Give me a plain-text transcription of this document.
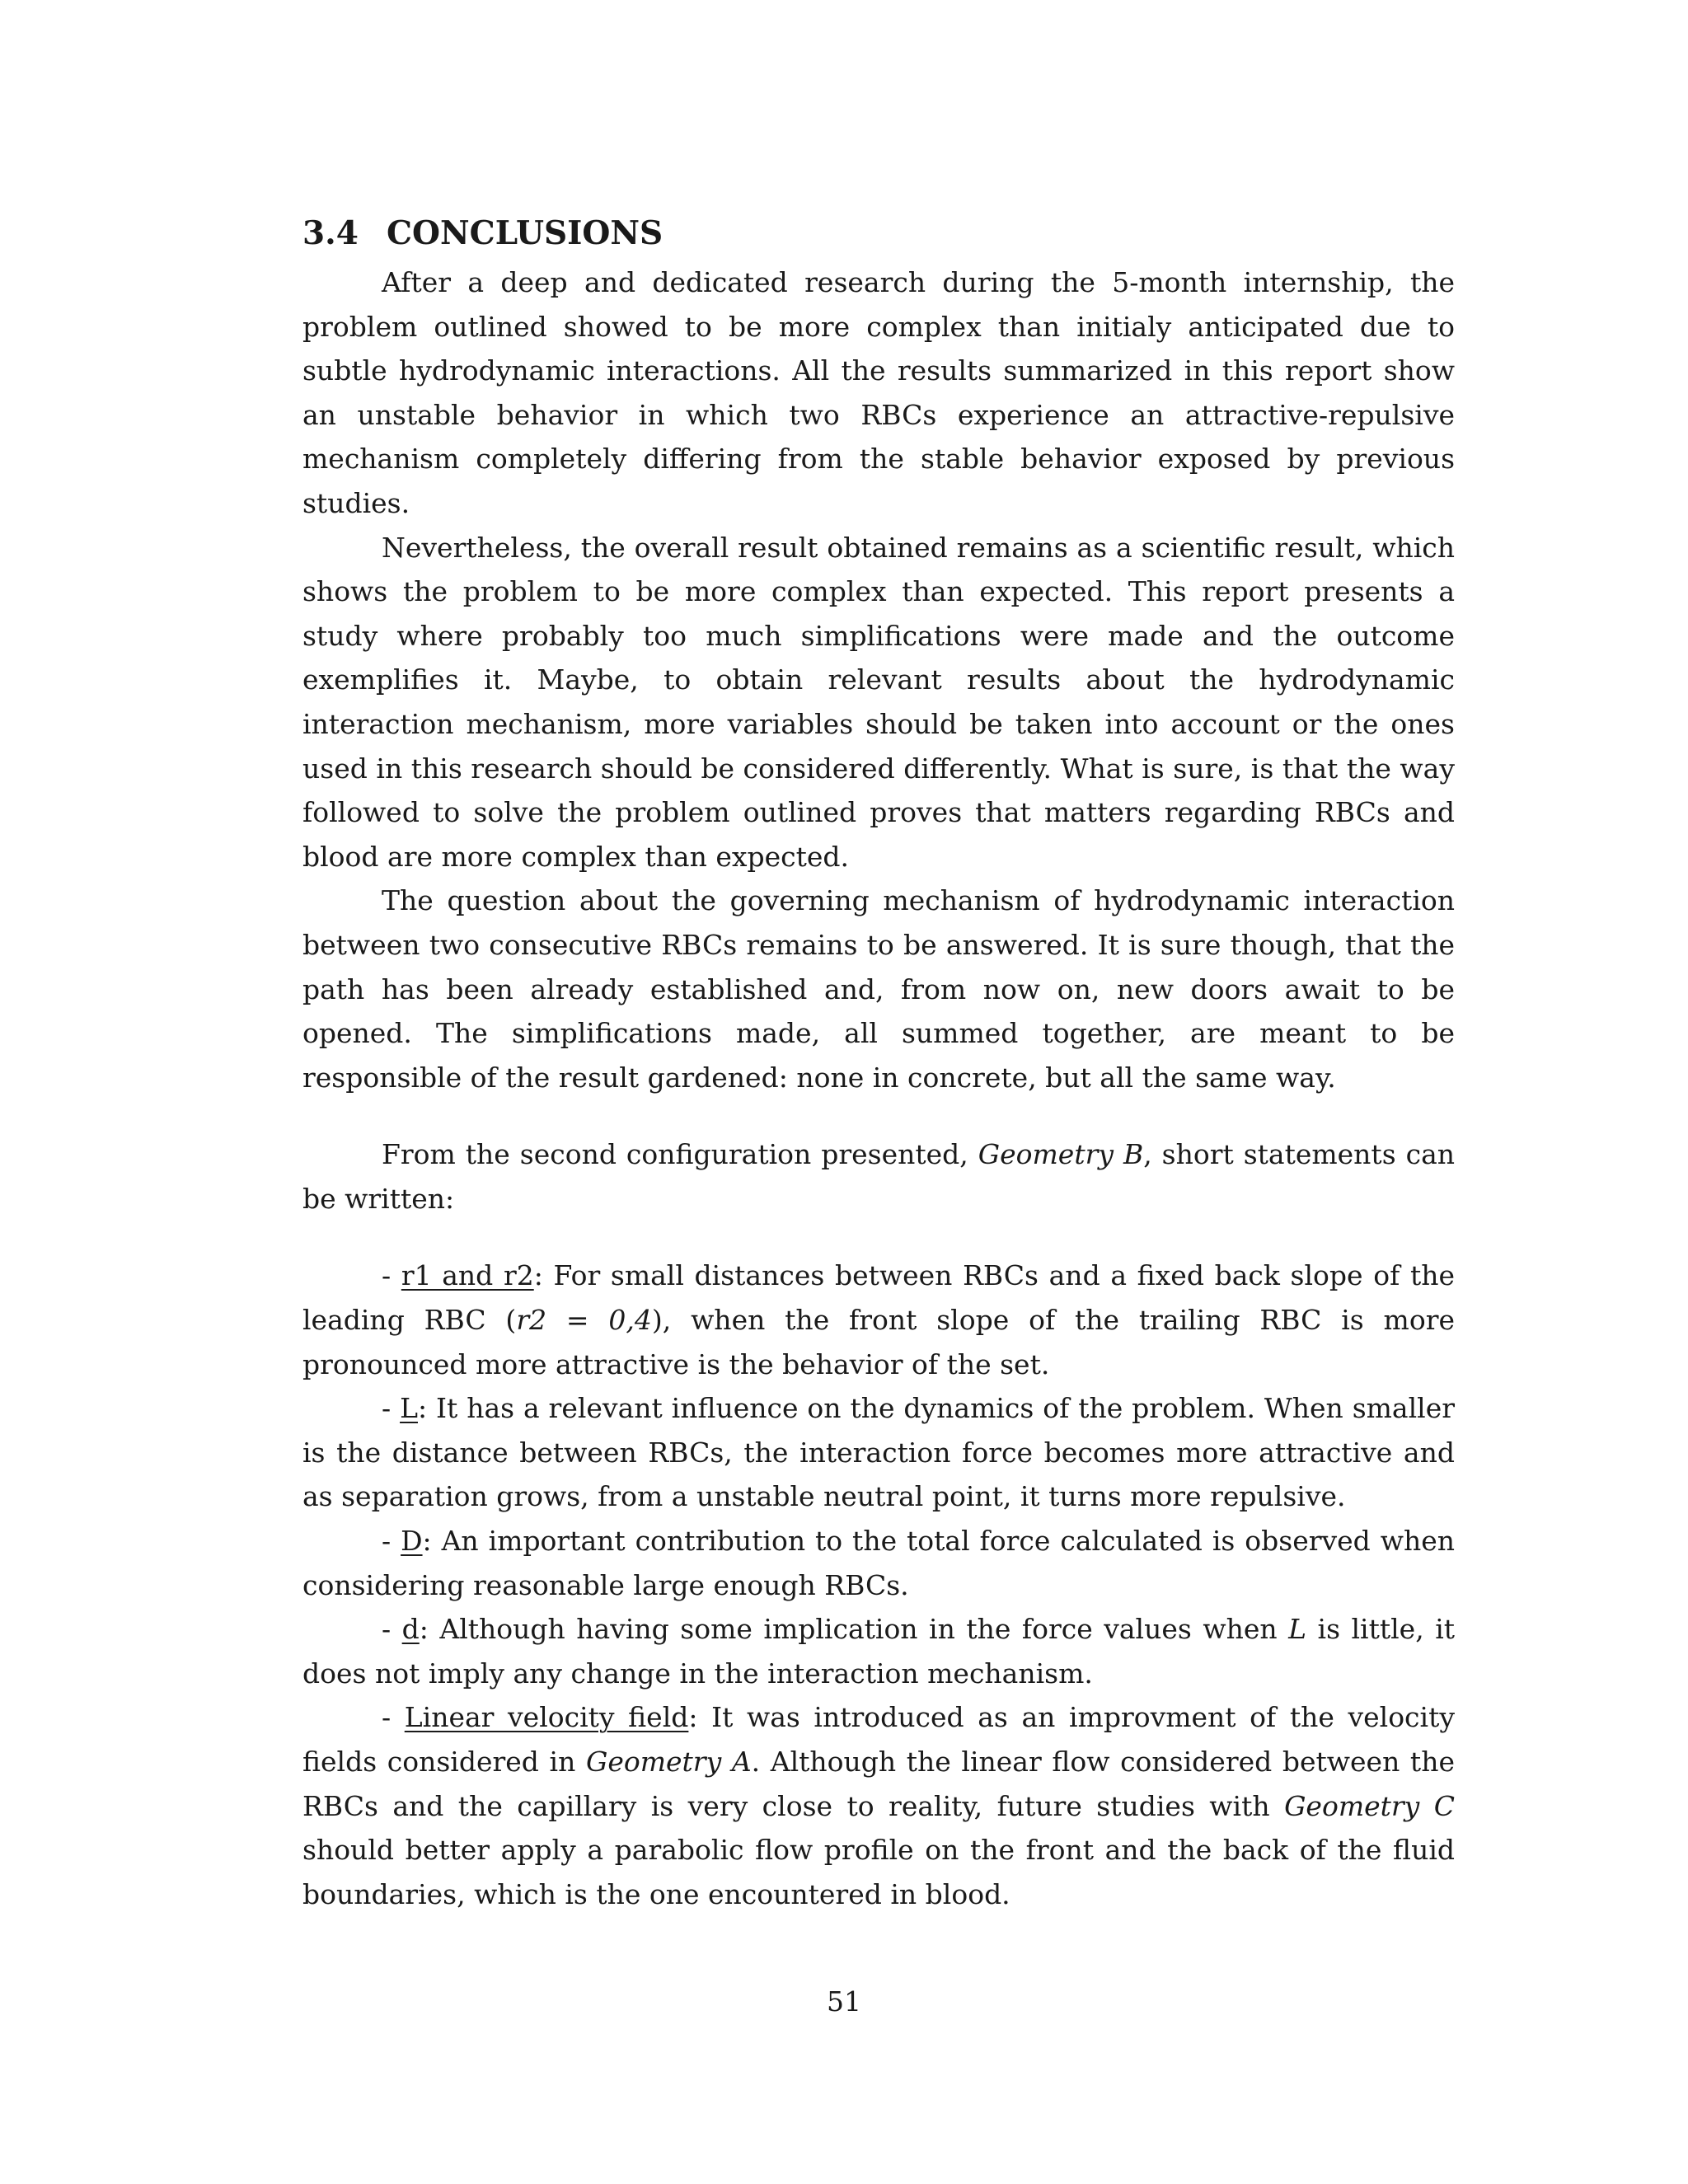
3.4 CONCLUSIONS

After a deep and dedicated research during the 5-month internship, the problem outlined showed to be more complex than initialy anticipated due to subtle hydrodynamic interactions. All the results summarized in this report show an unstable behavior in which two RBCs experience an attractive-repulsive mechanism completely differing from the stable behavior exposed by previous studies.

Nevertheless, the overall result obtained remains as a scientific result, which shows the problem to be more complex than expected. This report presents a study where probably too much simplifications were made and the outcome exemplifies it. Maybe, to obtain relevant results about the hydrodynamic interaction mechanism, more variables should be taken into account or the ones used in this research should be considered differently. What is sure, is that the way followed to solve the problem outlined proves that matters regarding RBCs and blood are more complex than expected.

The question about the governing mechanism of hydrodynamic interaction between two consecutive RBCs remains to be answered. It is sure though, that the path has been already established and, from now on, new doors await to be opened. The simplifications made, all summed together, are meant to be responsible of the result gardened: none in concrete, but all the same way.

From the second configuration presented, Geometry B, short statements can be written:

- r1 and r2: For small distances between RBCs and a fixed back slope of the leading RBC (r2 = 0,4), when the front slope of the trailing RBC is more pronounced more attractive is the behavior of the set.

- L: It has a relevant influence on the dynamics of the problem. When smaller is the distance between RBCs, the interaction force becomes more attractive and as separation grows, from a unstable neutral point, it turns more repulsive.

- D: An important contribution to the total force calculated is observed when considering reasonable large enough RBCs.

- d: Although having some implication in the force values when L is little, it does not imply any change in the interaction mechanism.

- Linear velocity field: It was introduced as an improvment of the velocity fields considered in Geometry A. Although the linear flow considered between the RBCs and the capillary is very close to reality, future studies with Geometry C should better apply a parabolic flow profile on the front and the back of the fluid boundaries, which is the one encountered in blood.

51
